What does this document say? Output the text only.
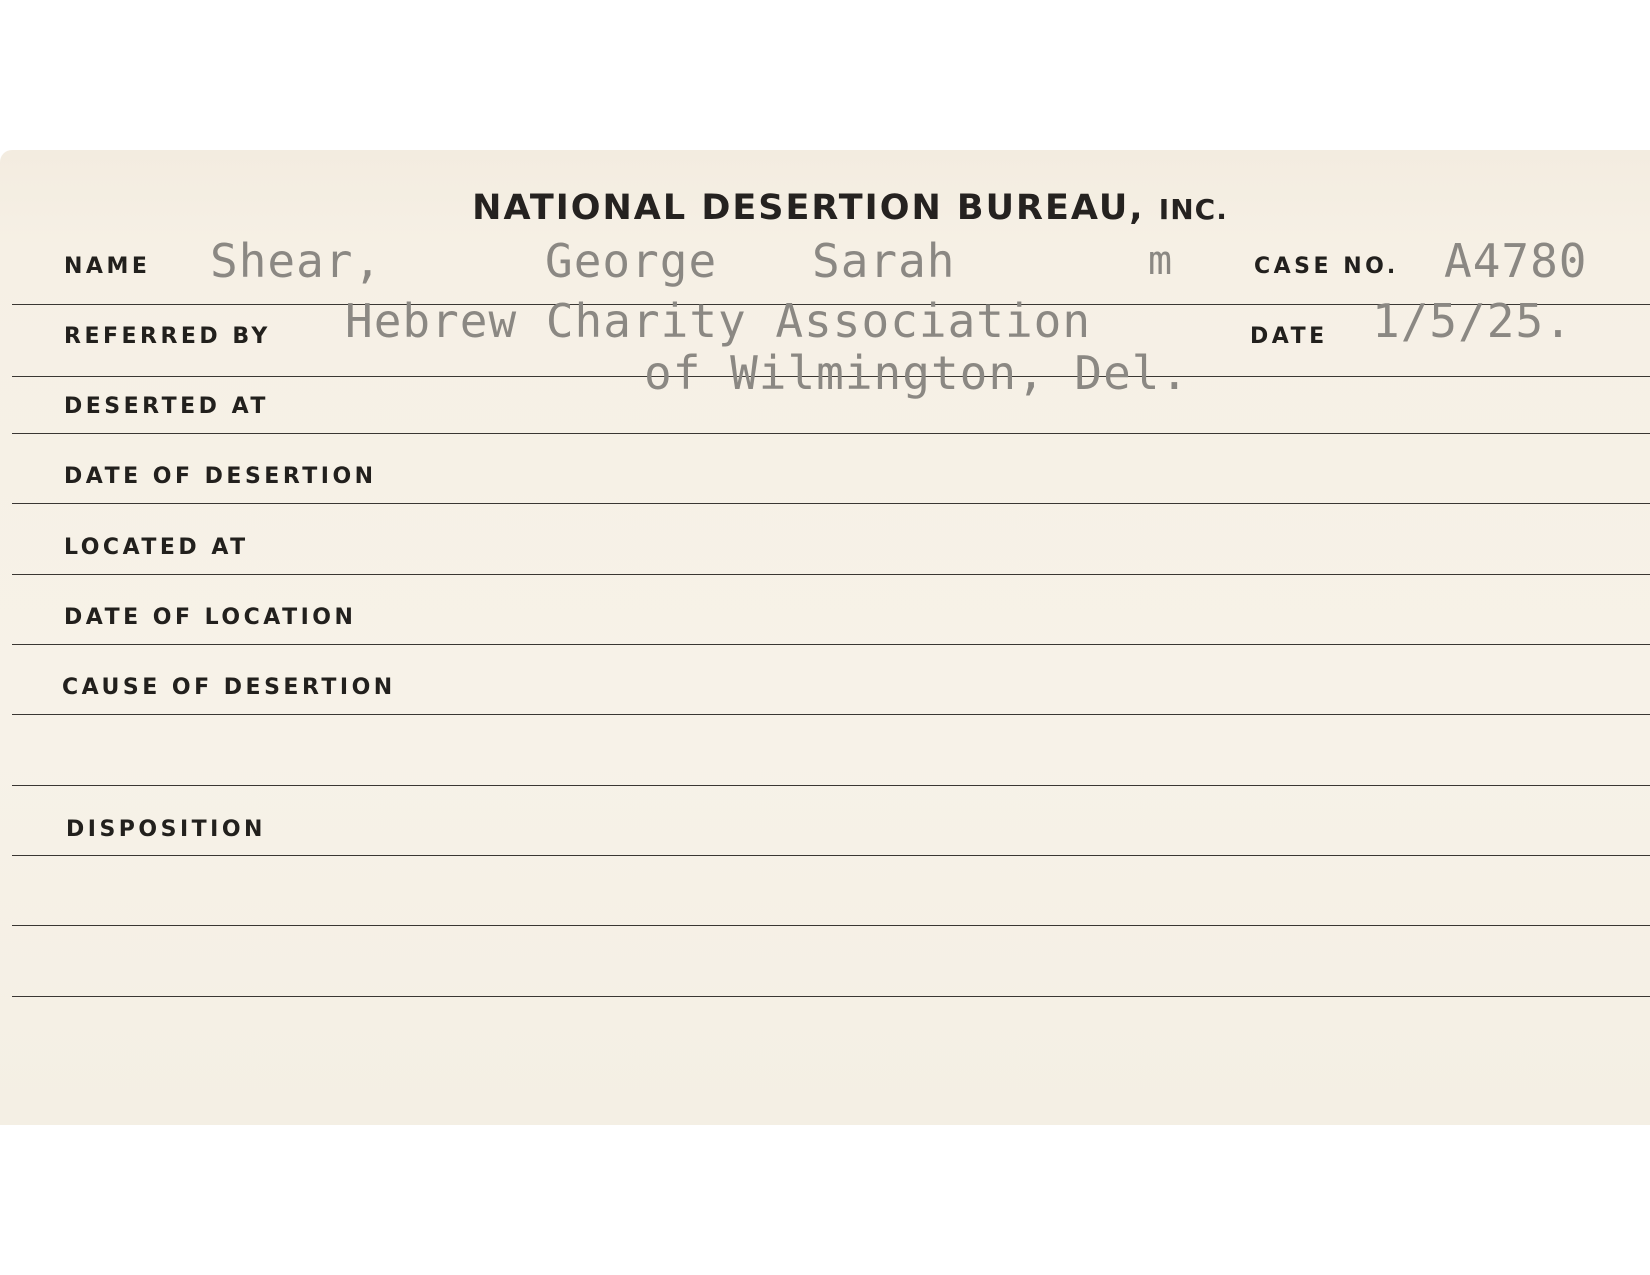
NATIONAL DESERTION BUREAU, INC.

NAME Shear,	George Sarah	m	CASE NO. A4780

REFERRED BY Hebrew Charity Association	DATE 1/5/25.

of Wilmington, Del.

DESERTED AT

DATE OF DESERTION

LOCATED AT

DATE OF LOCATION

CAUSE OF DESERTION

DISPOSITION
